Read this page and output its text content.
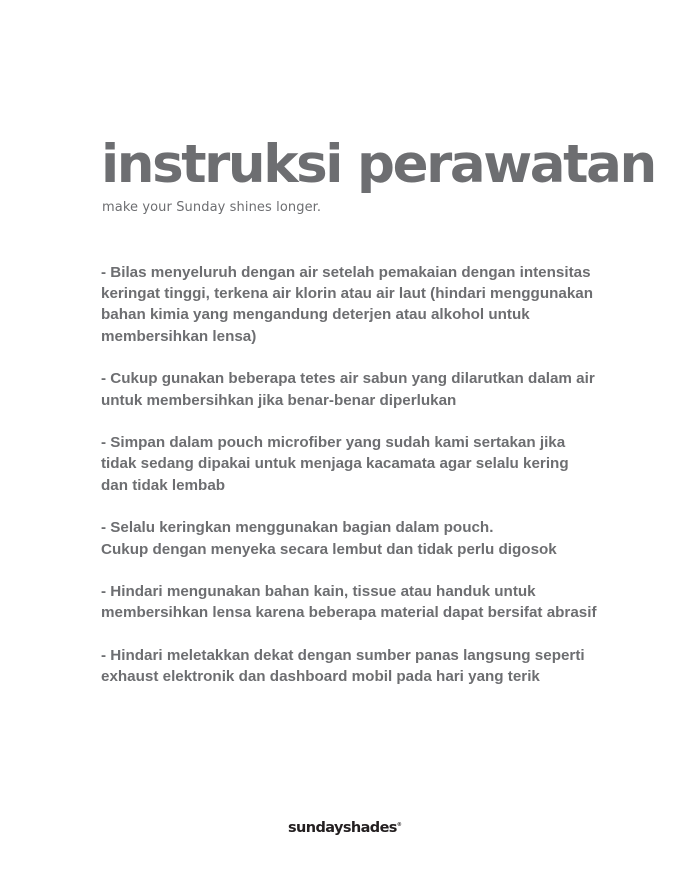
instruksi perawatan

make your Sunday shines longer.

- Bilas menyeluruh dengan air setelah pemakaian dengan intensitas
keringat tinggi, terkena air klorin atau air laut (hindari menggunakan
bahan kimia yang mengandung deterjen atau alkohol untuk
membersihkan lensa)
- Cukup gunakan beberapa tetes air sabun yang dilarutkan dalam air
untuk membersihkan jika benar-benar diperlukan
- Simpan dalam pouch microfiber yang sudah kami sertakan jika
tidak sedang dipakai untuk menjaga kacamata agar selalu kering
dan tidak lembab
- Selalu keringkan menggunakan bagian dalam pouch.
Cukup dengan menyeka secara lembut dan tidak perlu digosok
- Hindari mengunakan bahan kain, tissue atau handuk untuk
membersihkan lensa karena beberapa material dapat bersifat abrasif
- Hindari meletakkan dekat dengan sumber panas langsung seperti
exhaust elektronik dan dashboard mobil pada hari yang terik
sundayshades®
